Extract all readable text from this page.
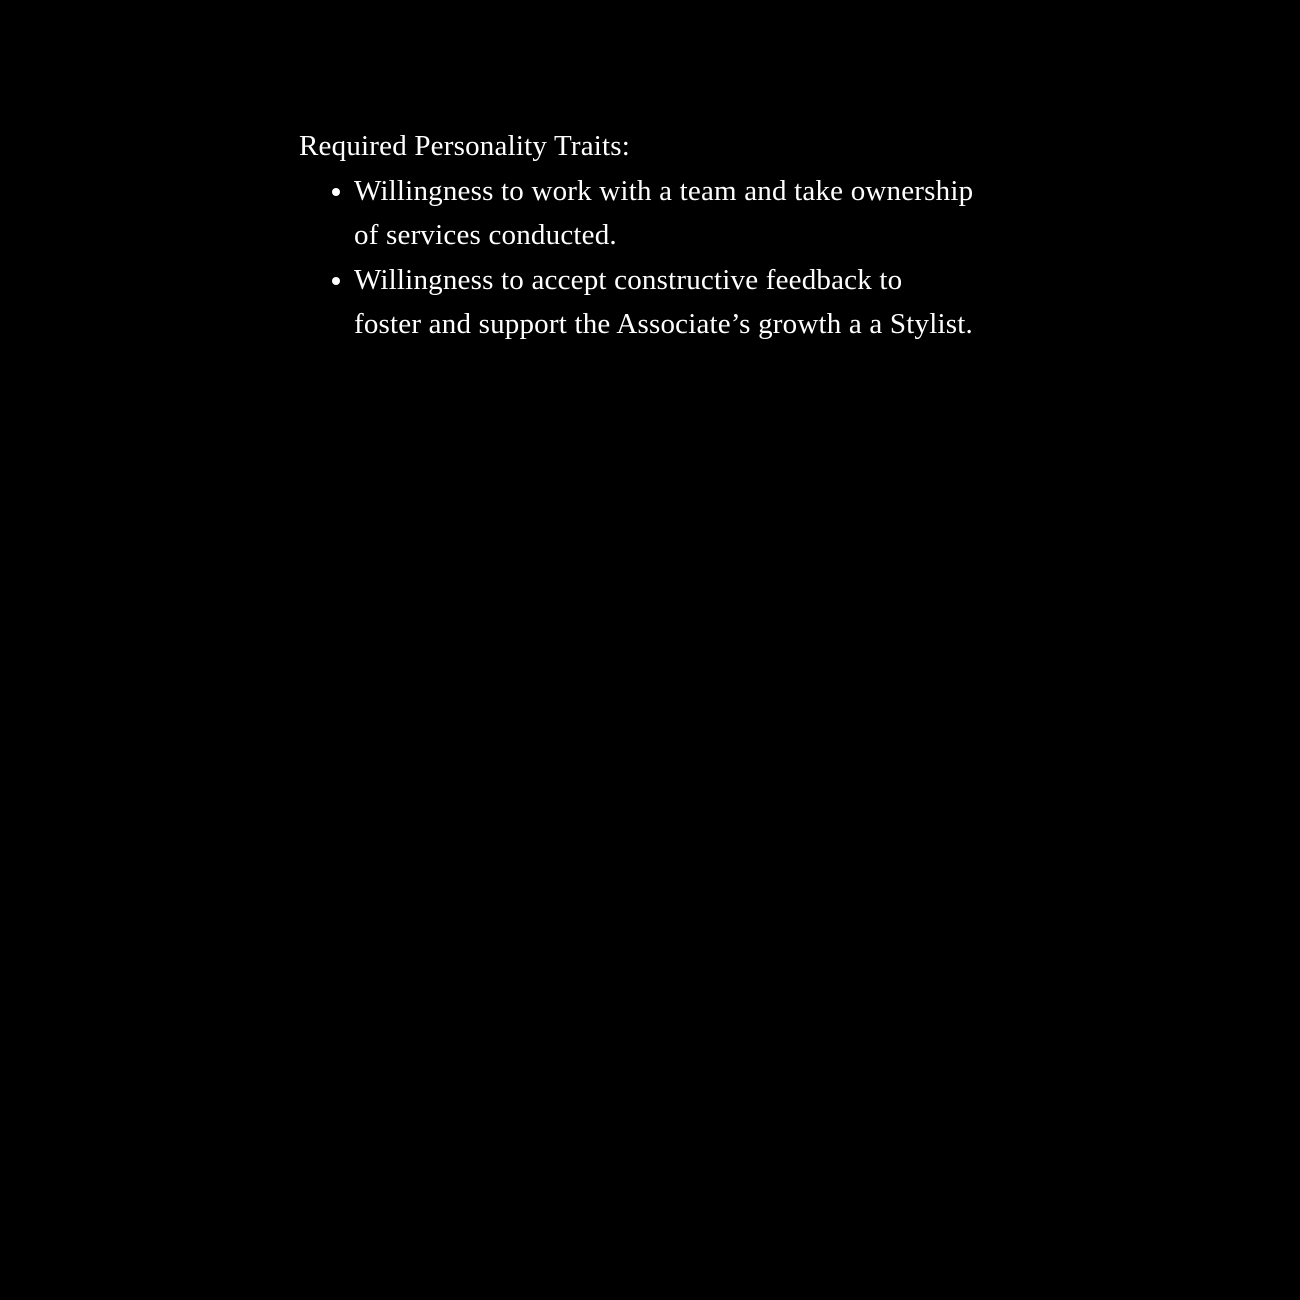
Required Personality Traits:

Willingness to work with a team and take ownership of services conducted.
Willingness to accept constructive feedback to foster and support the Associate’s growth a a Stylist.
